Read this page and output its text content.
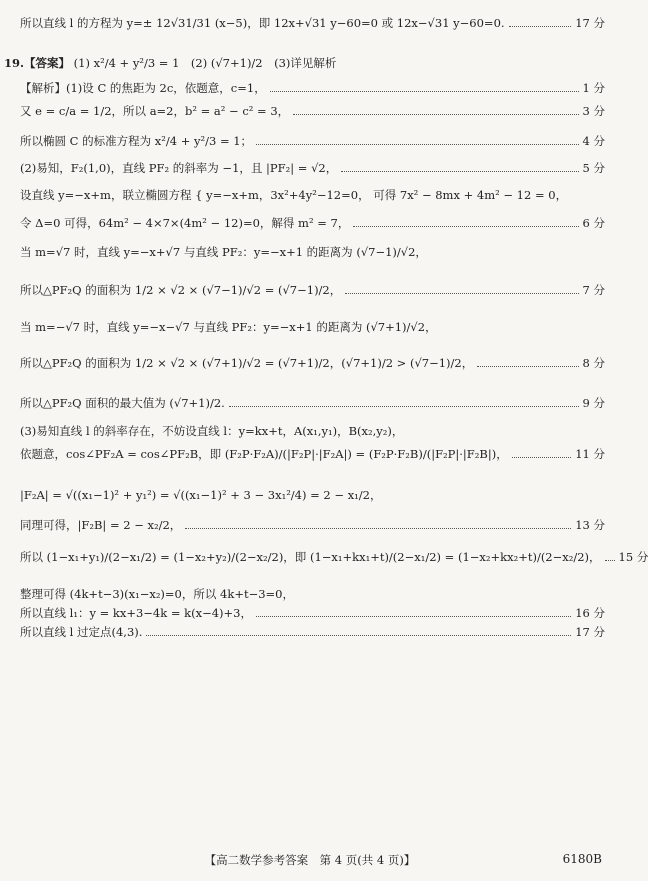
所以直线 l 的方程为 y=± 12√31/31 (x−5)，即 12x+√31 y−60=0 或 12x−√31 y−60=0.	17 分
【解析】(1)设 C 的焦距为 2c，依题意，c=1，	1 分
又 e = c/a = 1/2，所以 a=2，b² = a² − c² = 3，	3 分
所以椭圆 C 的标准方程为 x²/4 + y²/3 = 1；	4 分
(2)易知，F₂(1,0)，直线 PF₂ 的斜率为 −1，且 |PF₂| = √2，	5 分
令 Δ=0 可得，64m² − 4×7×(4m² − 12)=0，解得 m² = 7，	6 分
所以△PF₂Q 的面积为 1/2 × √2 × (√7−1)/√2 = (√7−1)/2，	7 分
所以△PF₂Q 的面积为 1/2 × √2 × (√7+1)/√2 = (√7+1)/2，(√7+1)/2 > (√7−1)/2，	8 分
所以△PF₂Q 面积的最大值为 (√7+1)/2.	9 分
依题意，cos∠PF₂A = cos∠PF₂B，即 (F₂P·F₂A)/(|F₂P|·|F₂A|) = (F₂P·F₂B)/(|F₂P|·|F₂B|)，	11 分
同理可得，|F₂B| = 2 − x₂/2，	13 分
所以 (1−x₁+y₁)/(2−x₁/2) = (1−x₂+y₂)/(2−x₂/2)，即 (1−x₁+kx₁+t)/(2−x₁/2) = (1−x₂+kx₂+t)/(2−x₂/2)， 15 分
所以直线 l₁：y = kx+3−4k = k(x−4)+3，	16 分
所以直线 l 过定点(4,3).	17 分
设直线 y=−x+m，联立椭圆方程 { y=−x+m，3x²+4y²−12=0， 可得 7x² − 8mx + 4m² − 12 = 0，
当 m=√7 时，直线 y=−x+√7 与直线 PF₂：y=−x+1 的距离为 (√7−1)/√2，
当 m=−√7 时，直线 y=−x−√7 与直线 PF₂：y=−x+1 的距离为 (√7+1)/√2，
(3)易知直线 l 的斜率存在，不妨设直线 l：y=kx+t，A(x₁,y₁)，B(x₂,y₂)，
|F₂A| = √((x₁−1)² + y₁²) = √((x₁−1)² + 3 − 3x₁²/4) = 2 − x₁/2，
整理可得 (4k+t−3)(x₁−x₂)=0，所以 4k+t−3=0，
19.【答案】 (1) x²/4 + y²/3 = 1　(2) (√7+1)/2　(3)详见解析
【高二数学参考答案　第 4 页(共 4 页)】	6180B
